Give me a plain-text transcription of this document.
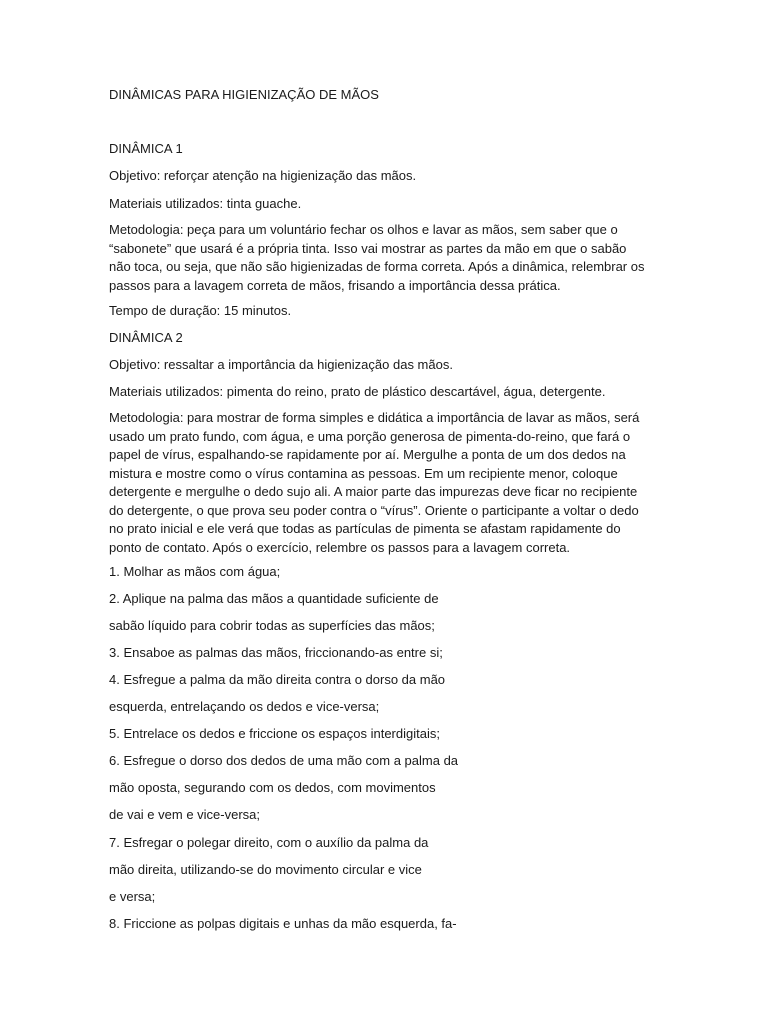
DINÂMICAS PARA HIGIENIZAÇÃO DE MÃOS
DINÂMICA 1
Objetivo: reforçar atenção na higienização das mãos.
Materiais utilizados: tinta guache.
Metodologia: peça para um voluntário fechar os olhos e lavar as mãos, sem saber que o “sabonete” que usará é a própria tinta. Isso vai mostrar as partes da mão em que o sabão não toca, ou seja, que não são higienizadas de forma correta. Após a dinâmica, relembrar os passos para a lavagem correta de mãos, frisando a importância dessa prática.
Tempo de duração: 15 minutos.
DINÂMICA 2
Objetivo: ressaltar a importância da higienização das mãos.
Materiais utilizados: pimenta do reino, prato de plástico descartável, água, detergente.
Metodologia: para mostrar de forma simples e didática a importância de lavar as mãos, será usado um prato fundo, com água, e uma porção generosa de pimenta-do-reino, que fará o papel de vírus, espalhando-se rapidamente por aí. Mergulhe a ponta de um dos dedos na mistura e mostre como o vírus contamina as pessoas. Em um recipiente menor, coloque detergente e mergulhe o dedo sujo ali. A maior parte das impurezas deve ficar no recipiente do detergente, o que prova seu poder contra o “vírus”. Oriente o participante a voltar o dedo no prato inicial e ele verá que todas as partículas de pimenta se afastam rapidamente do ponto de contato. Após o exercício, relembre os passos para a lavagem correta.
1. Molhar as mãos com água;
2. Aplique na palma das mãos a quantidade suficiente de
sabão líquido para cobrir todas as superfícies das mãos;
3. Ensaboe as palmas das mãos, friccionando-as entre si;
4. Esfregue a palma da mão direita contra o dorso da mão
esquerda, entrelaçando os dedos e vice-versa;
5. Entrelace os dedos e friccione os espaços interdigitais;
6. Esfregue o dorso dos dedos de uma mão com a palma da
mão oposta, segurando com os dedos, com movimentos
de vai e vem e vice-versa;
7. Esfregar o polegar direito, com o auxílio da palma da
mão direita, utilizando-se do movimento circular e vice
e versa;
8. Friccione as polpas digitais e unhas da mão esquerda, fa-
